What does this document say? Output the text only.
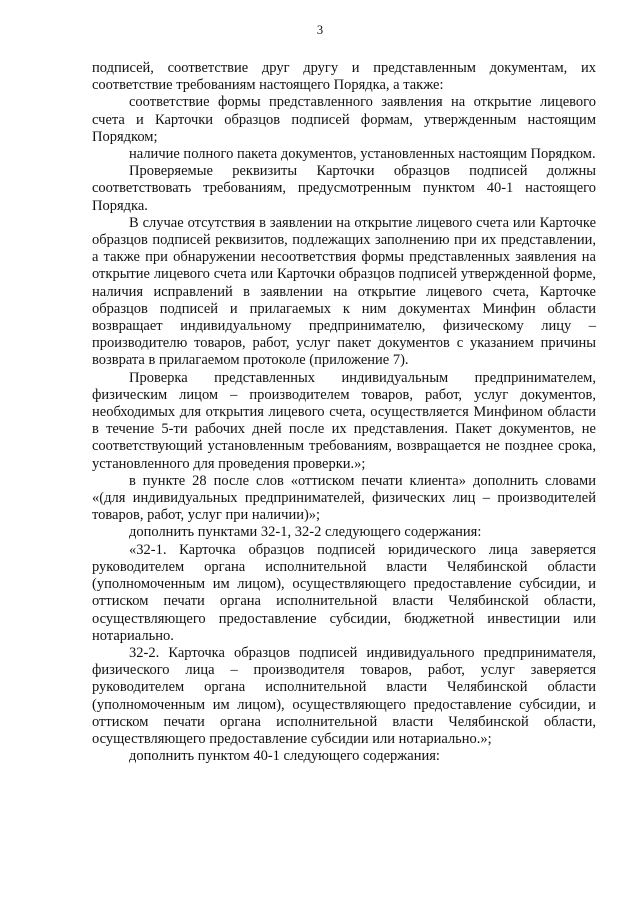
3

подписей, соответствие друг другу и представленным документам, их соответствие требованиям настоящего Порядка, а также:

соответствие формы представленного заявления на открытие лицевого счета и Карточки образцов подписей формам, утвержденным настоящим Порядком;

наличие полного пакета документов, установленных настоящим Порядком.

Проверяемые реквизиты Карточки образцов подписей должны соответствовать требованиям, предусмотренным пунктом 40-1 настоящего Порядка.

В случае отсутствия в заявлении на открытие лицевого счета или Карточке образцов подписей реквизитов, подлежащих заполнению при их представлении, а также при обнаружении несоответствия формы представленных заявления на открытие лицевого счета или Карточки образцов подписей утвержденной форме, наличия исправлений в заявлении на открытие лицевого счета, Карточке образцов подписей и прилагаемых к ним документах Минфин области возвращает индивидуальному предпринимателю, физическому лицу – производителю товаров, работ, услуг пакет документов с указанием причины возврата в прилагаемом протоколе (приложение 7).

Проверка представленных индивидуальным предпринимателем, физическим лицом – производителем товаров, работ, услуг документов, необходимых для открытия лицевого счета, осуществляется Минфином области в течение 5-ти рабочих дней после их представления. Пакет документов, не соответствующий установленным требованиям, возвращается не позднее срока, установленного для проведения проверки.»;

в пункте 28 после слов «оттиском печати клиента» дополнить словами «(для индивидуальных предпринимателей, физических лиц – производителей товаров, работ, услуг при наличии)»;

дополнить пунктами 32-1, 32-2 следующего содержания:

«32-1. Карточка образцов подписей юридического лица заверяется руководителем органа исполнительной власти Челябинской области (уполномоченным им лицом), осуществляющего предоставление субсидии, и оттиском печати органа исполнительной власти Челябинской области, осуществляющего предоставление субсидии, бюджетной инвестиции или нотариально.

32-2. Карточка образцов подписей индивидуального предпринимателя, физического лица – производителя товаров, работ, услуг заверяется руководителем органа исполнительной власти Челябинской области (уполномоченным им лицом), осуществляющего предоставление субсидии, и оттиском печати органа исполнительной власти Челябинской области, осуществляющего предоставление субсидии или нотариально.»;

дополнить пунктом 40-1 следующего содержания:
